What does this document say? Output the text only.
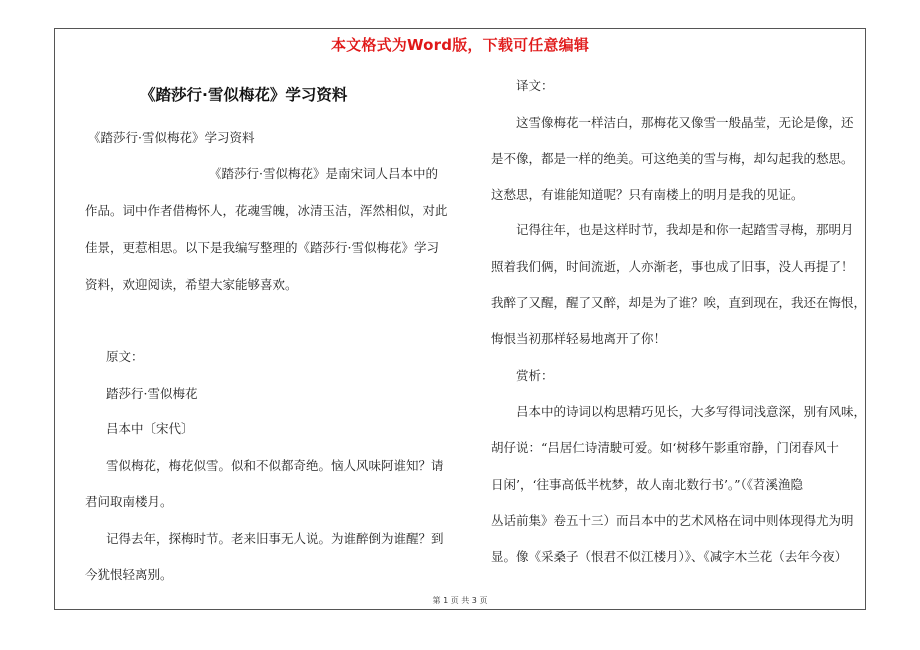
本文格式为Word版，下载可任意编辑
《踏莎行·雪似梅花》学习资料
《踏莎行·雪似梅花》学习资料
《踏莎行·雪似梅花》是南宋词人吕本中的
作品。词中作者借梅怀人，花魂雪魄，冰清玉洁，浑然相似，对此
佳景，更惹相思。以下是我编写整理的《踏莎行·雪似梅花》学习
资料，欢迎阅读，希望大家能够喜欢。
原文：
踏莎行·雪似梅花
吕本中〔宋代〕
雪似梅花，梅花似雪。似和不似都奇绝。恼人风味阿谁知？请
君问取南楼月。
记得去年，探梅时节。老来旧事无人说。为谁醉倒为谁醒？到
今犹恨轻离别。
译文：
这雪像梅花一样洁白，那梅花又像雪一般晶莹，无论是像，还
是不像，都是一样的绝美。可这绝美的雪与梅，却勾起我的愁思。
这愁思，有谁能知道呢？只有南楼上的明月是我的见证。
记得往年，也是这样时节，我却是和你一起踏雪寻梅，那明月
照着我们俩，时间流逝，人亦渐老，事也成了旧事，没人再提了！
我醉了又醒，醒了又醉，却是为了谁？唉，直到现在，我还在悔恨，
悔恨当初那样轻易地离开了你！
赏析：
吕本中的诗词以构思精巧见长，大多写得词浅意深，别有风味，
胡仔说：“吕居仁诗清駛可爱。如‘树移午影重帘静，门闭春风十
日闲’，‘往事高低半枕梦，故人南北数行书’。”（《苕溪渔隐
丛话前集》卷五十三）而吕本中的艺术风格在词中则体现得尤为明
显。像《采桑子（恨君不似江楼月）》、《减字木兰花（去年今夜）
第 1 页 共 3 页
